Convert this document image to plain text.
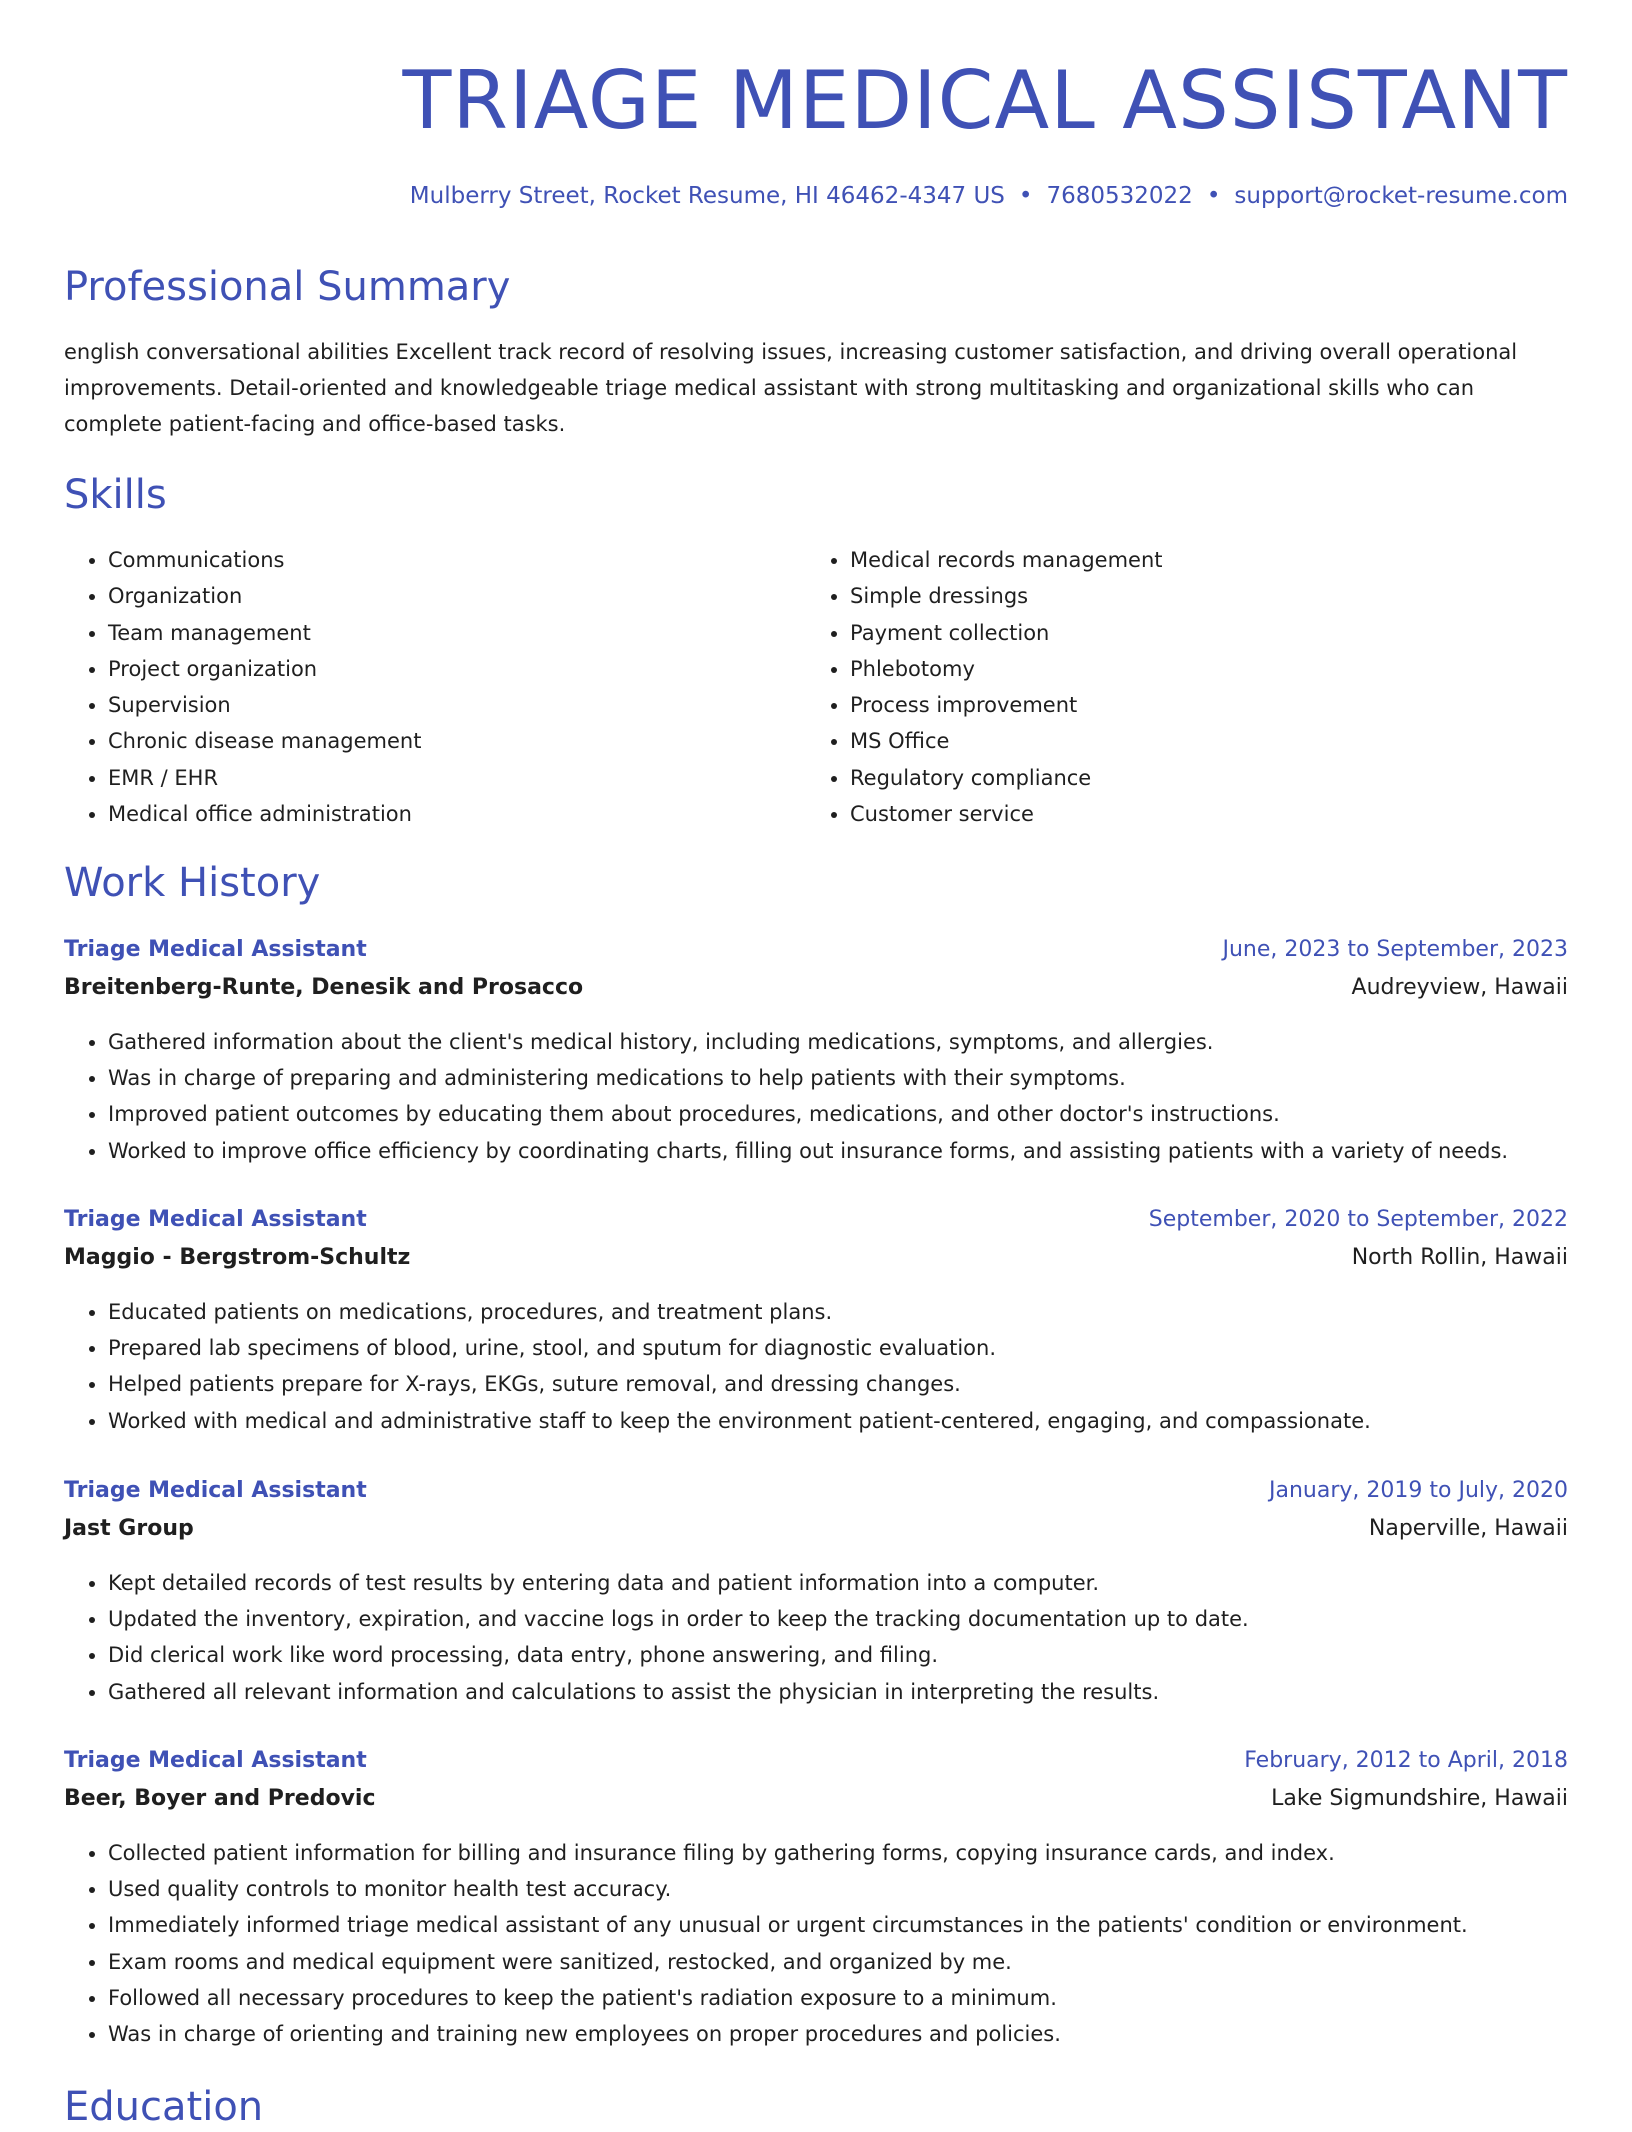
TRIAGE MEDICAL ASSISTANT
Mulberry Street, Rocket Resume, HI 46462-4347 US • 7680532022 • support@rocket-resume.com
Professional Summary

english conversational abilities Excellent track record of resolving issues, increasing customer satisfaction, and driving overall operational improvements. Detail-oriented and knowledgeable triage medical assistant with strong multitasking and organizational skills who can complete patient-facing and office-based tasks.

Skills
• Communications
• Organization
• Team management
• Project organization
• Supervision
• Chronic disease management
• EMR / EHR
• Medical office administration
• Medical records management
• Simple dressings
• Payment collection
• Phlebotomy
• Process improvement
• MS Office
• Regulatory compliance
• Customer service
Work History
Triage Medical Assistant	June, 2023 to September, 2023
Breitenberg-Runte, Denesik and Prosacco	Audreyview, Hawaii
• Gathered information about the client's medical history, including medications, symptoms, and allergies.
• Was in charge of preparing and administering medications to help patients with their symptoms.
• Improved patient outcomes by educating them about procedures, medications, and other doctor's instructions.
• Worked to improve office efficiency by coordinating charts, filling out insurance forms, and assisting patients with a variety of needs.
Triage Medical Assistant	September, 2020 to September, 2022
Maggio - Bergstrom-Schultz	North Rollin, Hawaii
• Educated patients on medications, procedures, and treatment plans.
• Prepared lab specimens of blood, urine, stool, and sputum for diagnostic evaluation.
• Helped patients prepare for X-rays, EKGs, suture removal, and dressing changes.
• Worked with medical and administrative staff to keep the environment patient-centered, engaging, and compassionate.
Triage Medical Assistant	January, 2019 to July, 2020
Jast Group	Naperville, Hawaii
• Kept detailed records of test results by entering data and patient information into a computer.
• Updated the inventory, expiration, and vaccine logs in order to keep the tracking documentation up to date.
• Did clerical work like word processing, data entry, phone answering, and filing.
• Gathered all relevant information and calculations to assist the physician in interpreting the results.
Triage Medical Assistant	February, 2012 to April, 2018
Beer, Boyer and Predovic	Lake Sigmundshire, Hawaii
• Collected patient information for billing and insurance filing by gathering forms, copying insurance cards, and index.
• Used quality controls to monitor health test accuracy.
• Immediately informed triage medical assistant of any unusual or urgent circumstances in the patients' condition or environment.
• Exam rooms and medical equipment were sanitized, restocked, and organized by me.
• Followed all necessary procedures to keep the patient's radiation exposure to a minimum.
• Was in charge of orienting and training new employees on proper procedures and policies.
Education
